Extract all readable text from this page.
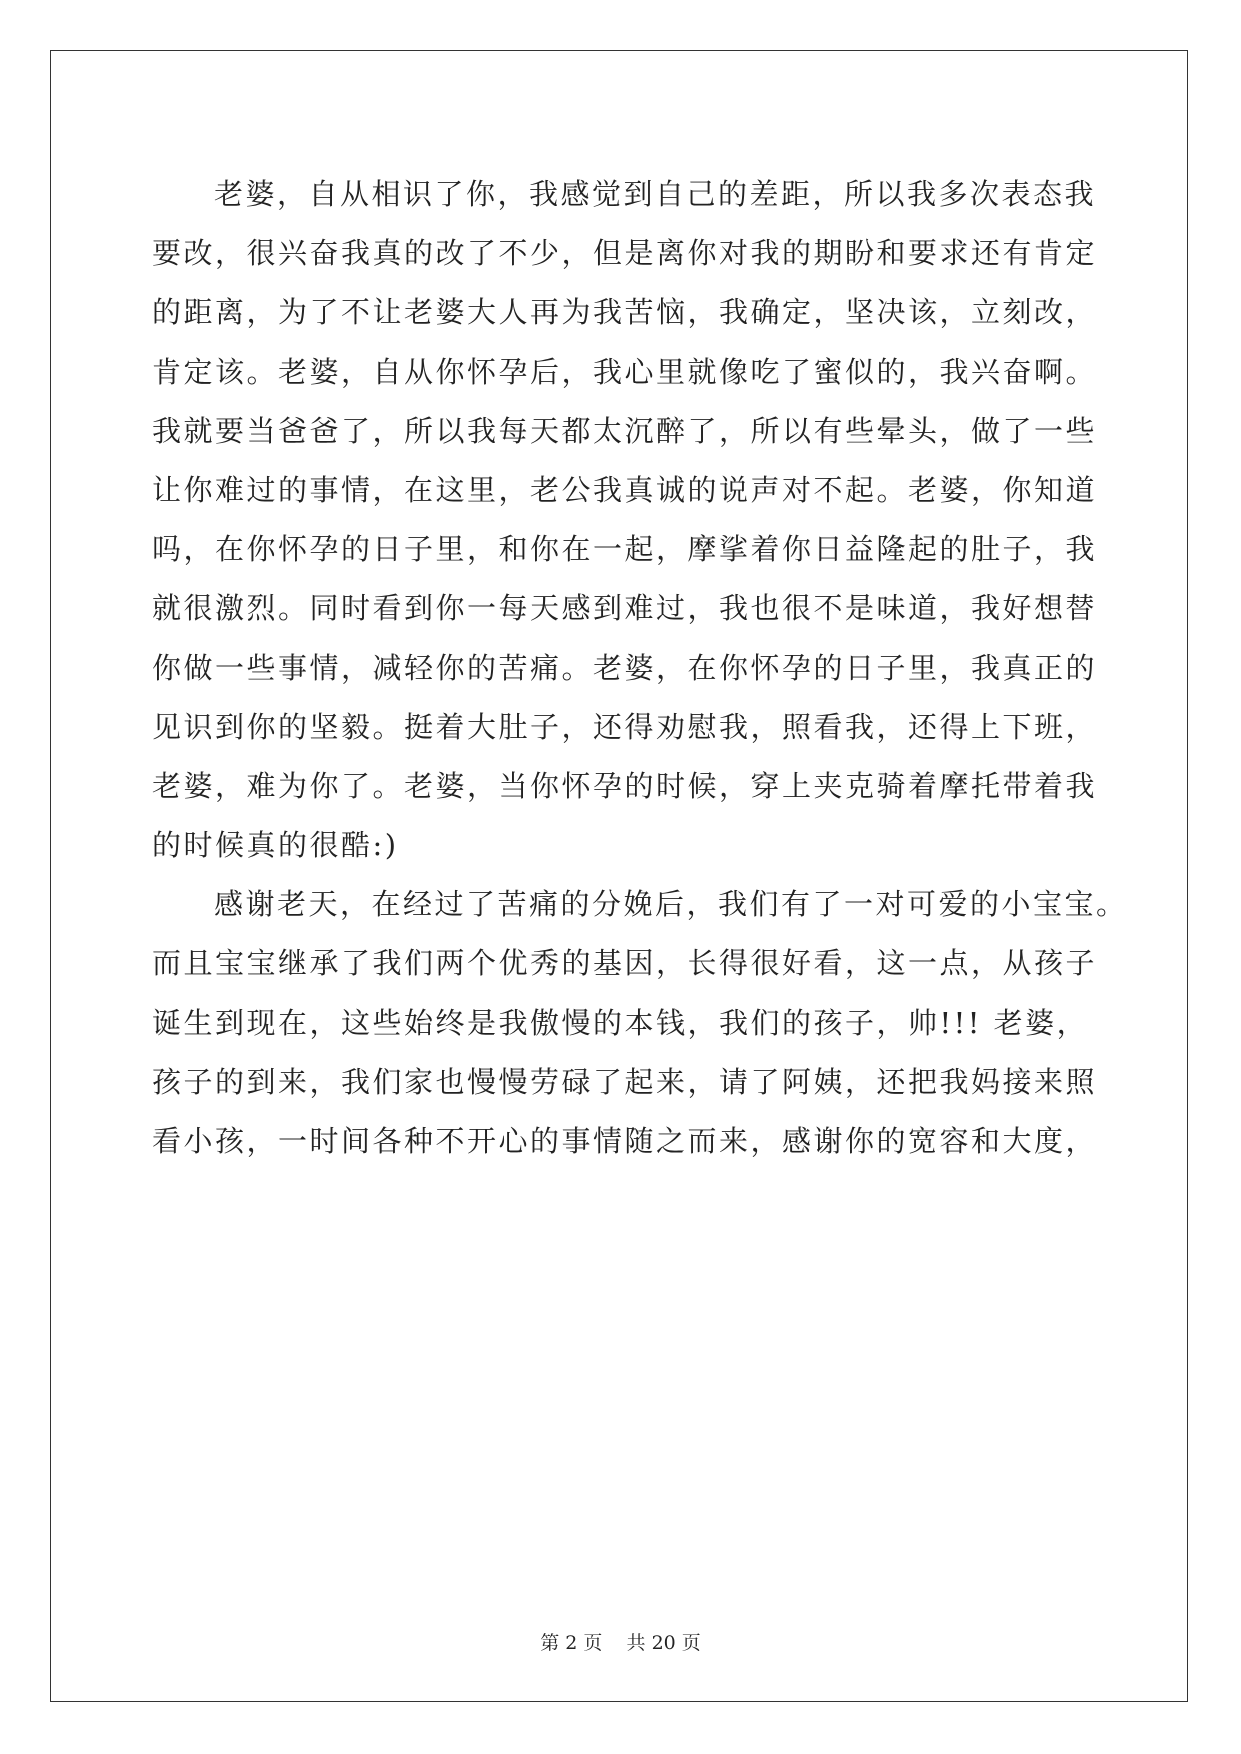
老婆，自从相识了你，我感觉到自己的差距，所以我多次表态我
要改，很兴奋我真的改了不少，但是离你对我的期盼和要求还有肯定
的距离，为了不让老婆大人再为我苦恼，我确定，坚决该，立刻改，
肯定该。老婆，自从你怀孕后，我心里就像吃了蜜似的，我兴奋啊。
我就要当爸爸了，所以我每天都太沉醉了，所以有些晕头，做了一些
让你难过的事情，在这里，老公我真诚的说声对不起。老婆，你知道
吗，在你怀孕的日子里，和你在一起，摩挲着你日益隆起的肚子，我
就很激烈。同时看到你一每天感到难过，我也很不是味道，我好想替
你做一些事情，减轻你的苦痛。老婆，在你怀孕的日子里，我真正的
见识到你的坚毅。挺着大肚子，还得劝慰我，照看我，还得上下班，
老婆，难为你了。老婆，当你怀孕的时候，穿上夹克骑着摩托带着我
的时候真的很酷:)
感谢老天，在经过了苦痛的分娩后，我们有了一对可爱的小宝宝。
而且宝宝继承了我们两个优秀的基因，长得很好看，这一点，从孩子
诞生到现在，这些始终是我傲慢的本钱，我们的孩子，帅!!! 老婆，
孩子的到来，我们家也慢慢劳碌了起来，请了阿姨，还把我妈接来照
看小孩，一时间各种不开心的事情随之而来，感谢你的宽容和大度，
第 2 页    共 20 页
